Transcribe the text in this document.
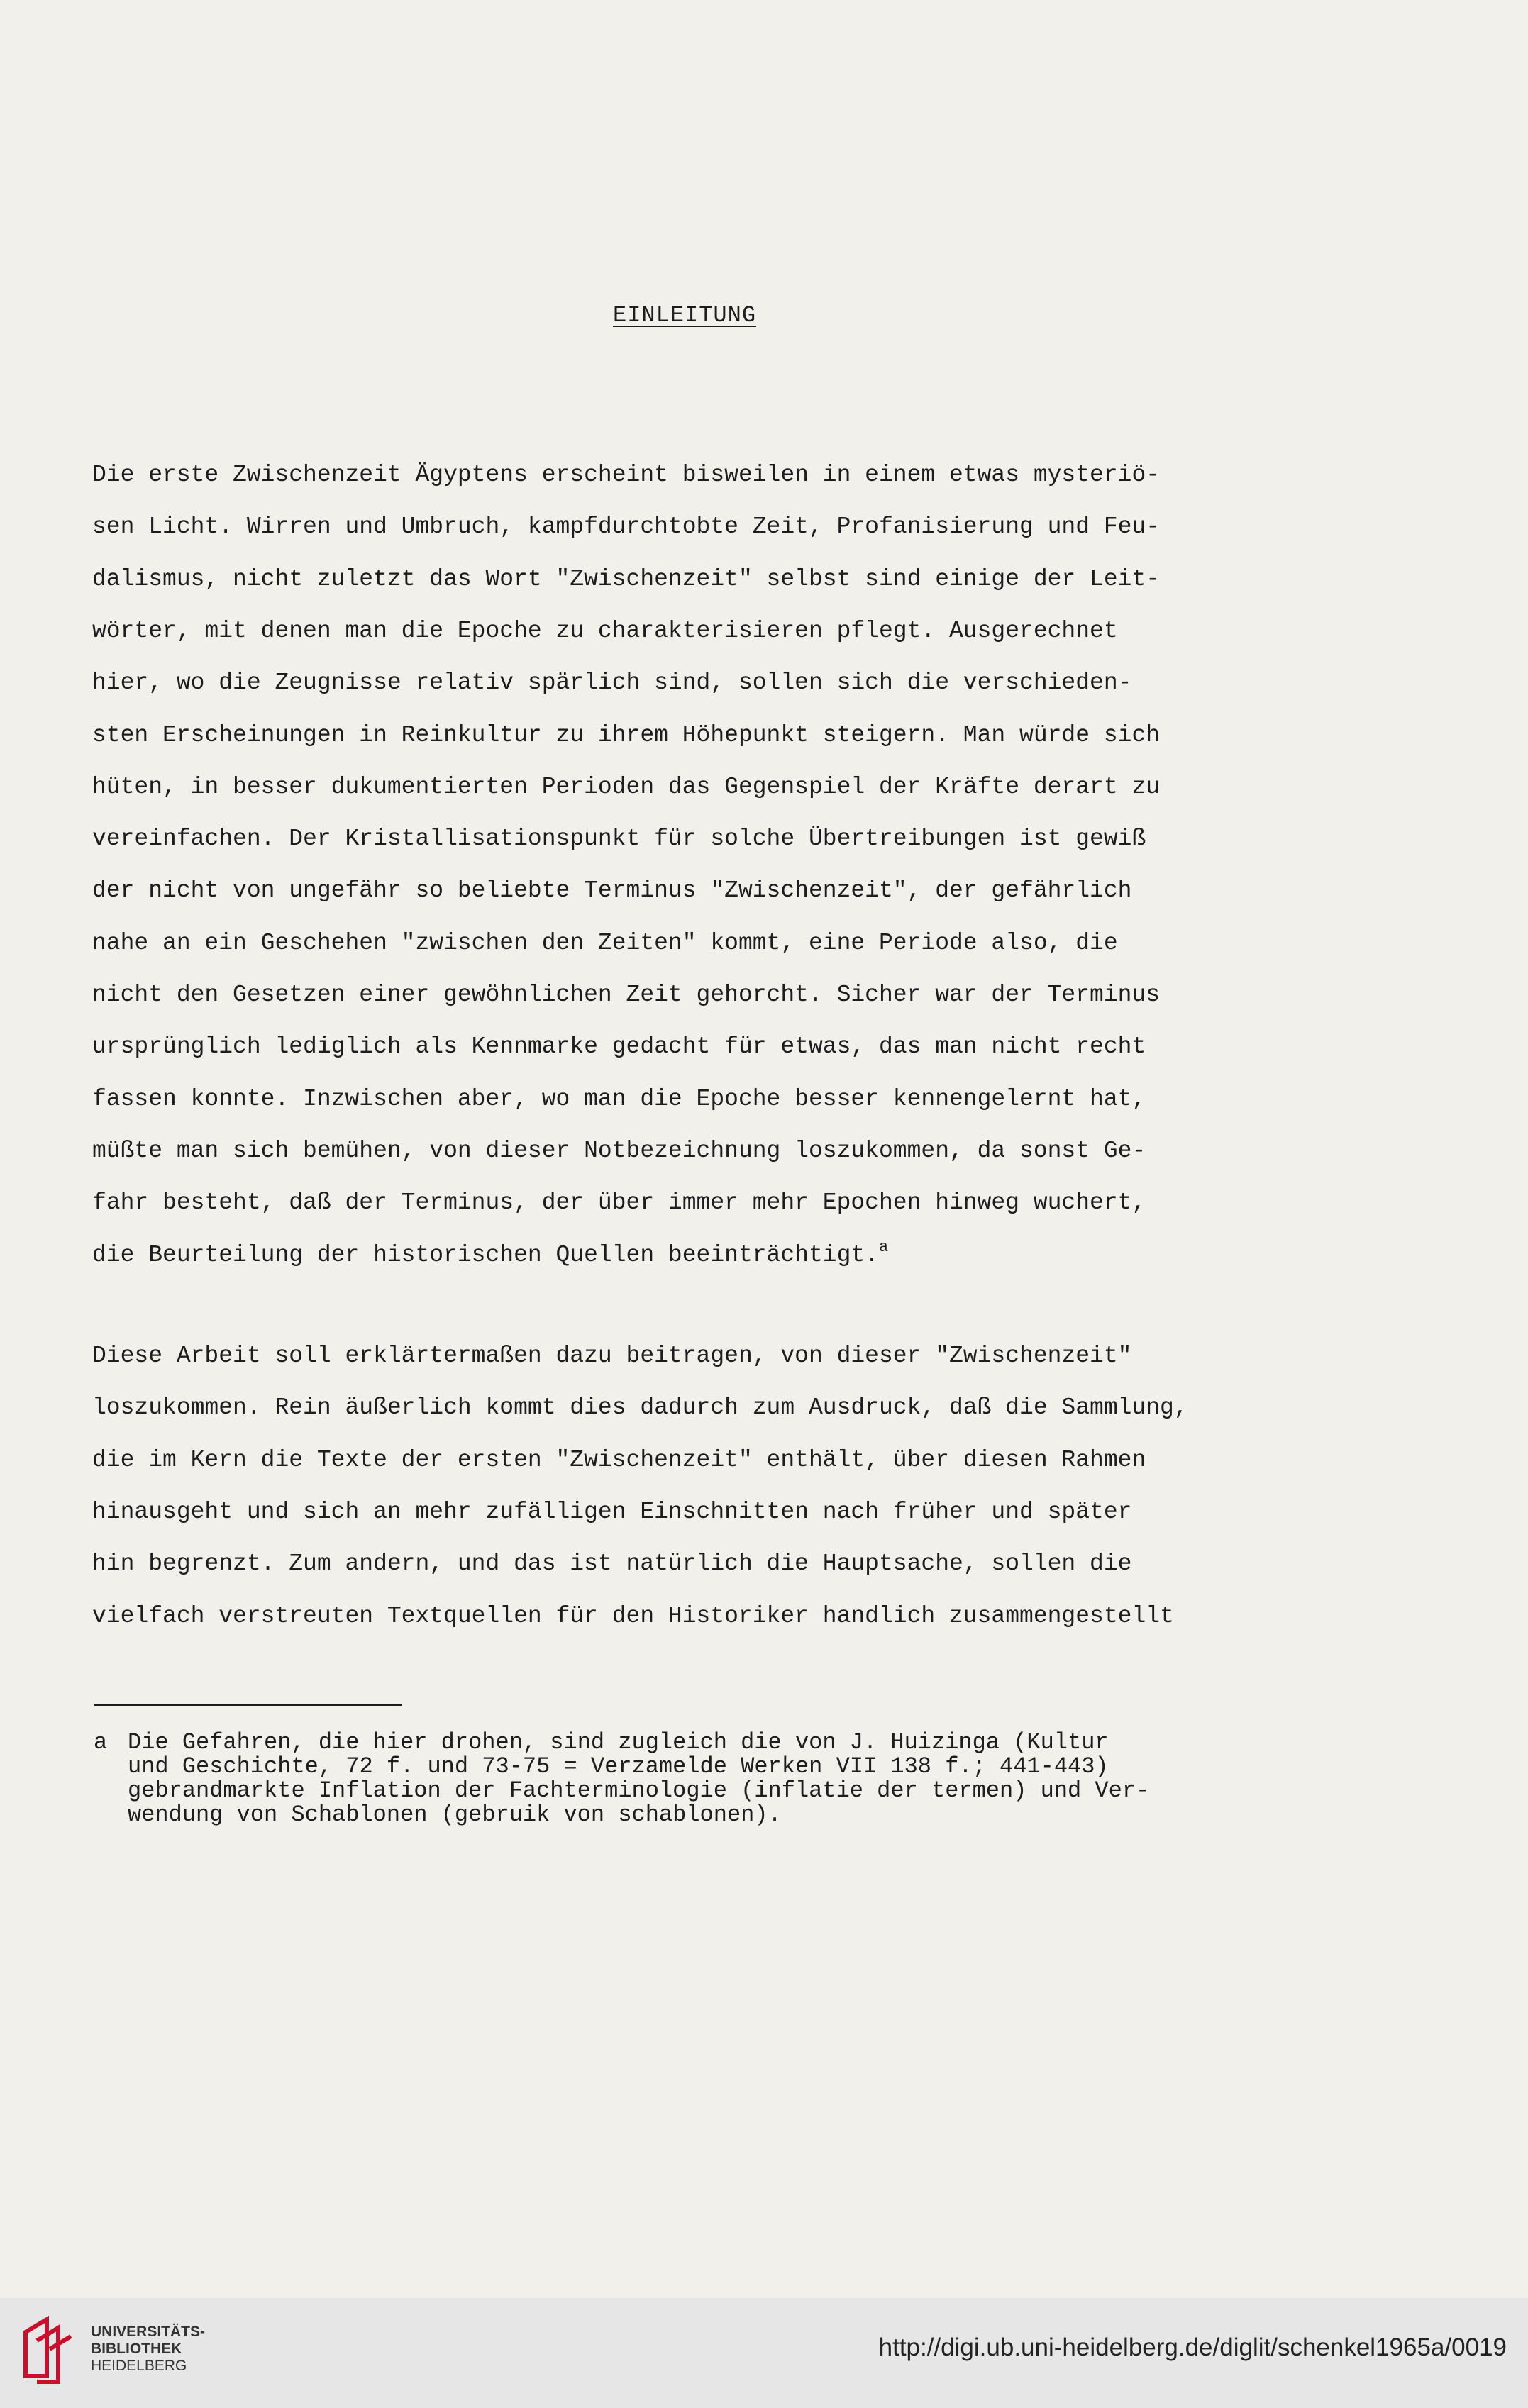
EINLEITUNG
Die erste Zwischenzeit Ägyptens erscheint bisweilen in einem etwas mysteriö-
sen Licht. Wirren und Umbruch, kampfdurchtobte Zeit, Profanisierung und Feu-
dalismus, nicht zuletzt das Wort "Zwischenzeit" selbst sind einige der Leit-
wörter, mit denen man die Epoche zu charakterisieren pflegt. Ausgerechnet
hier, wo die Zeugnisse relativ spärlich sind, sollen sich die verschieden-
sten Erscheinungen in Reinkultur zu ihrem Höhepunkt steigern. Man würde sich
hüten, in besser dukumentierten Perioden das Gegenspiel der Kräfte derart zu
vereinfachen. Der Kristallisationspunkt für solche Übertreibungen ist gewiß
der nicht von ungefähr so beliebte Terminus "Zwischenzeit", der gefährlich
nahe an ein Geschehen "zwischen den Zeiten" kommt, eine Periode also, die
nicht den Gesetzen einer gewöhnlichen Zeit gehorcht. Sicher war der Terminus
ursprünglich lediglich als Kennmarke gedacht für etwas, das man nicht recht
fassen konnte. Inzwischen aber, wo man die Epoche besser kennengelernt hat,
müßte man sich bemühen, von dieser Notbezeichnung loszukommen, da sonst Ge-
fahr besteht, daß der Terminus, der über immer mehr Epochen hinweg wuchert,
die Beurteilung der historischen Quellen beeinträchtigt.$^a$
Diese Arbeit soll erklärtermaßen dazu beitragen, von dieser "Zwischenzeit"
loszukommen. Rein äußerlich kommt dies dadurch zum Ausdruck, daß die Sammlung,
die im Kern die Texte der ersten "Zwischenzeit" enthält, über diesen Rahmen
hinausgeht und sich an mehr zufälligen Einschnitten nach früher und später
hin begrenzt. Zum andern, und das ist natürlich die Hauptsache, sollen die
vielfach verstreuten Textquellen für den Historiker handlich zusammengestellt
a Die Gefahren, die hier drohen, sind zugleich die von J. Huizinga (Kultur
und Geschichte, 72 f. und 73-75 = Verzamelde Werken VII 138 f.; 441-443)
gebrandmarkte Inflation der Fachterminologie (inflatie der termen) und Ver-
wendung von Schablonen (gebruik von schablonen).
UNIVERSITÄTS-
BIBLIOTHEK
HEIDELBERG
http://digi.ub.uni-heidelberg.de/diglit/schenkel1965a/0019
